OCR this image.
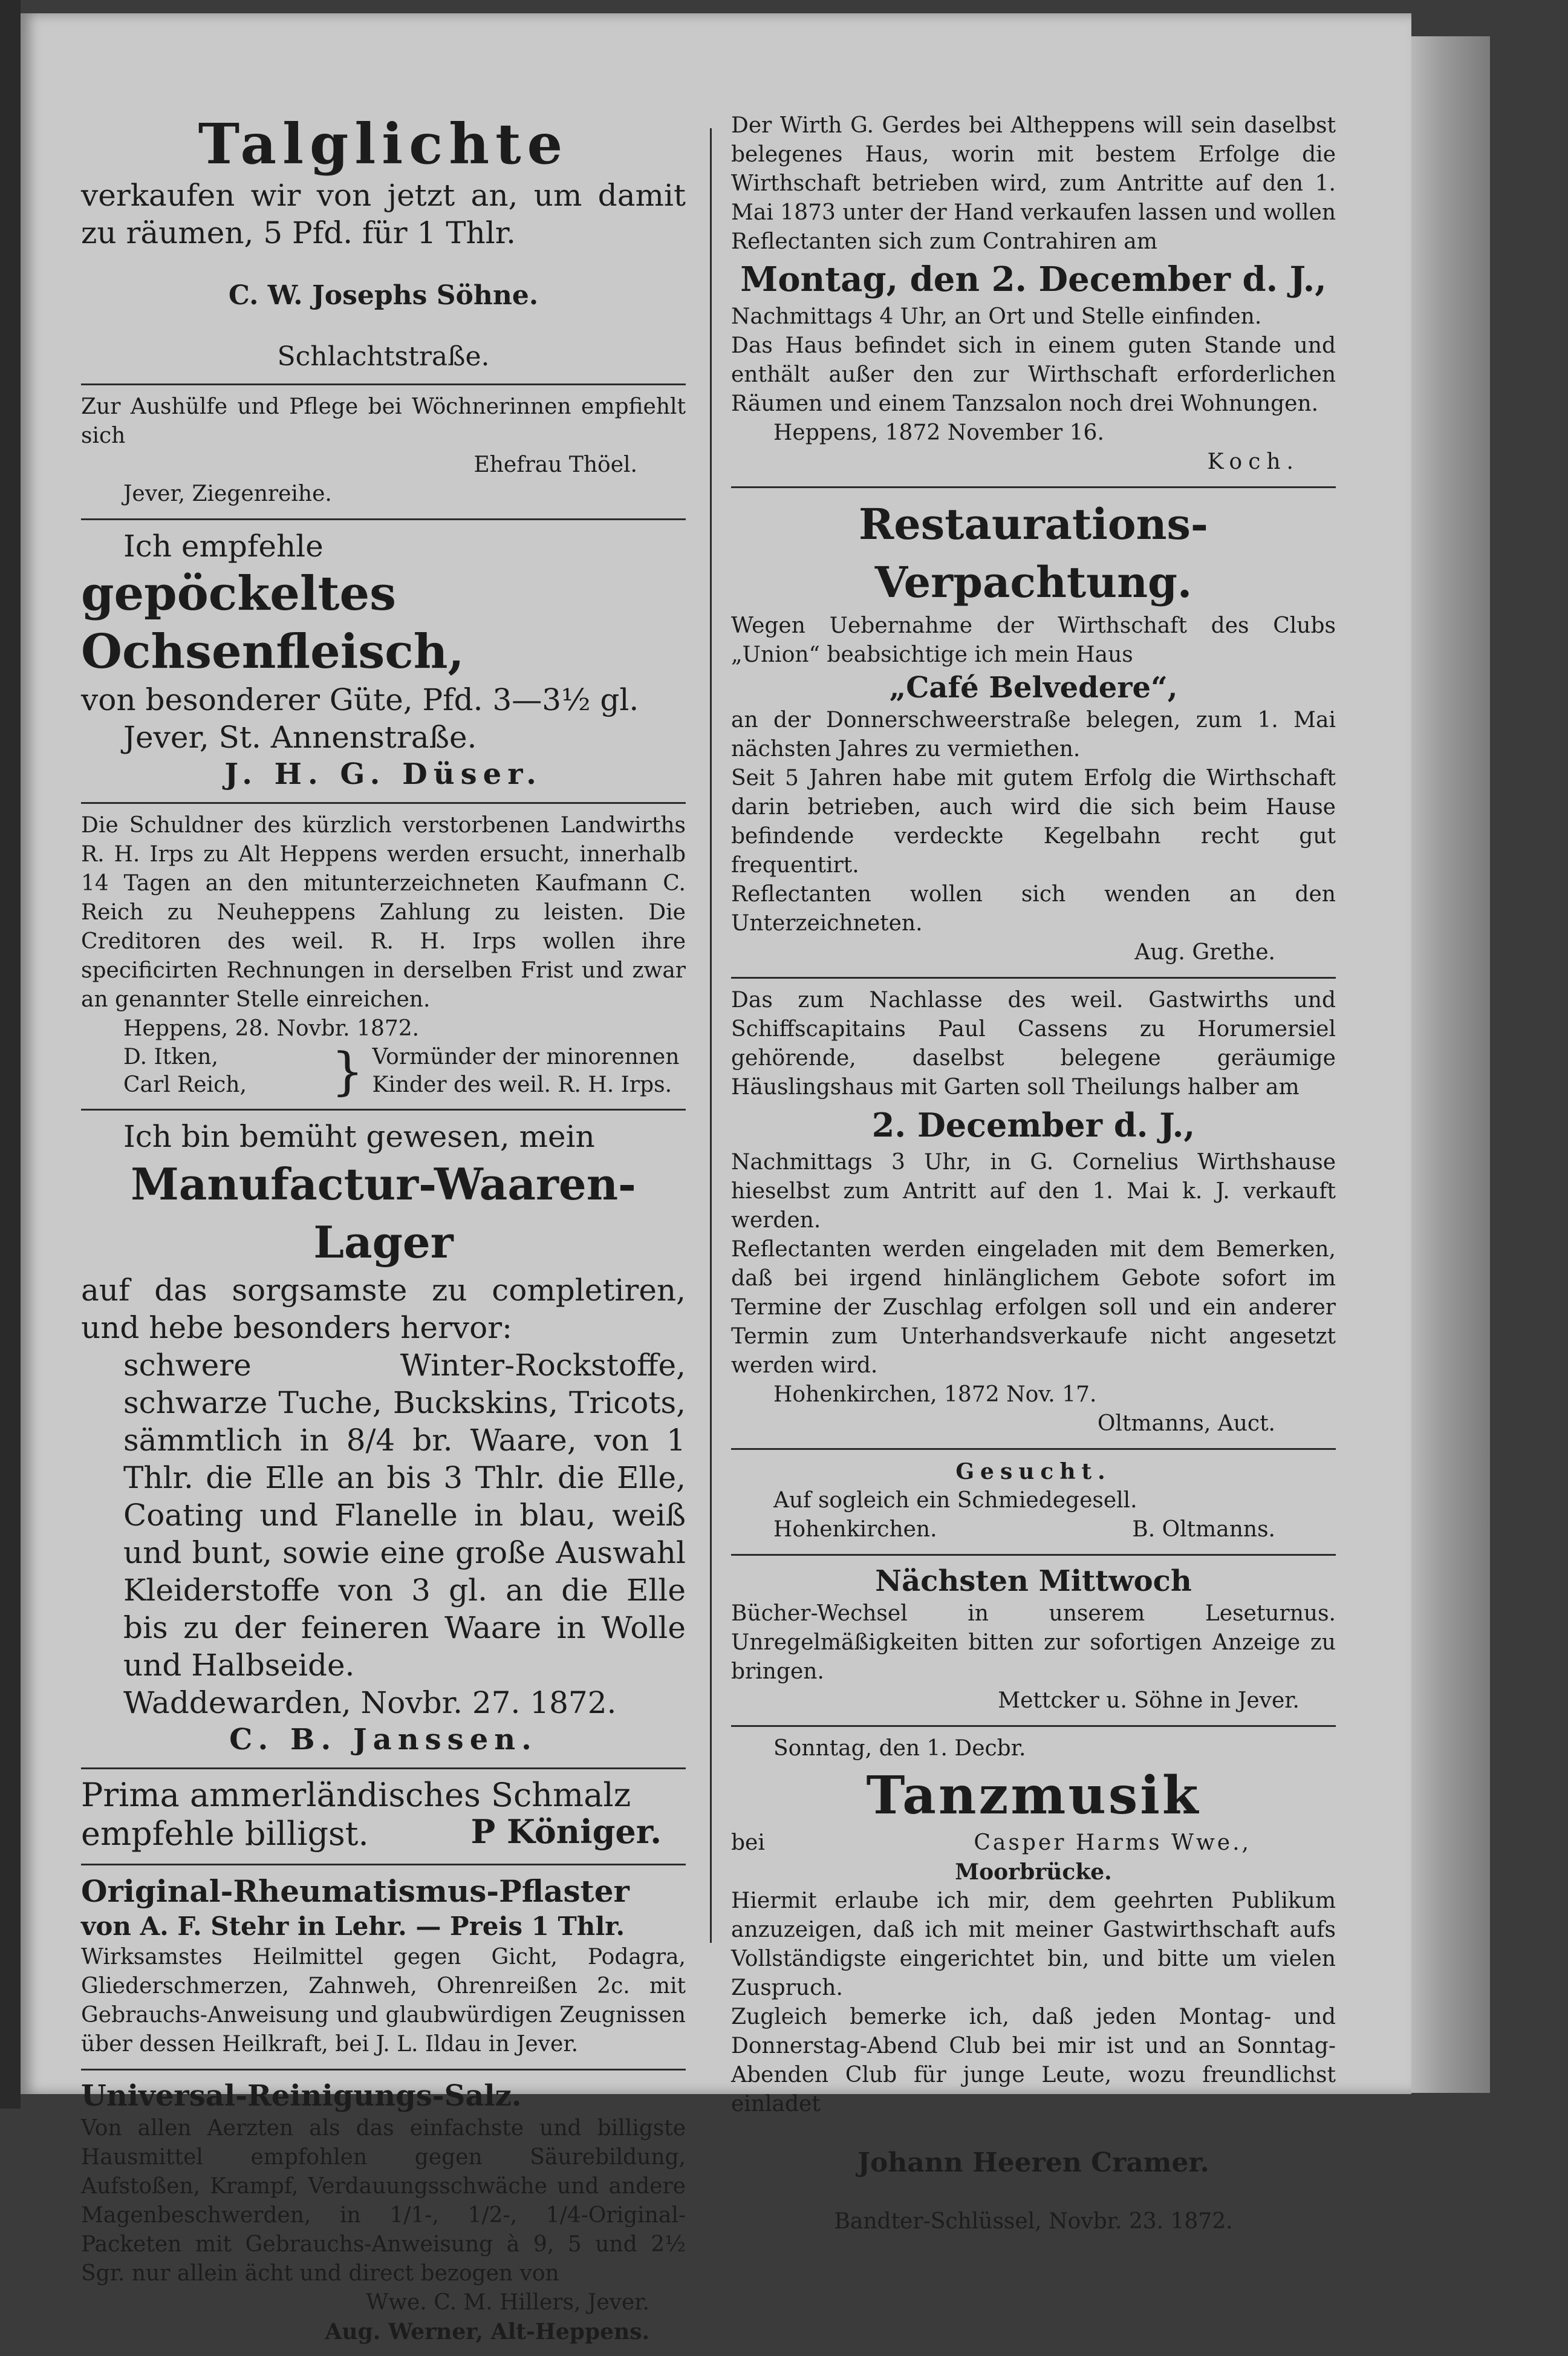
Talglichte

verkaufen wir von jetzt an, um damit zu räumen, 5 Pfd. für 1 Thlr.

C. W. Josephs Söhne.

Schlachtstraße.

Zur Aushülfe und Pflege bei Wöchnerinnen empfiehlt sich

Ehefrau Thöel.

Jever, Ziegenreihe.

Ich empfehle

gepöckeltes Ochsenfleisch,

von besonderer Güte, Pfd. 3—3½ gl.

Jever, St. Annenstraße.

J. H. G. Düser.

Die Schuldner des kürzlich verstorbenen Landwirths R. H. Irps zu Alt Heppens werden ersucht, innerhalb 14 Tagen an den mitunterzeichneten Kaufmann C. Reich zu Neuheppens Zahlung zu leisten. Die Creditoren des weil. R. H. Irps wollen ihre specificirten Rechnungen in derselben Frist und zwar an genannter Stelle einreichen.

Heppens, 28. Novbr. 1872.

D. Itken,
Carl Reich,	} Vormünder der minorennen
Kinder des weil. R. H. Irps.

Ich bin bemüht gewesen, mein

Manufactur-Waaren-Lager

auf das sorgsamste zu completiren, und hebe besonders hervor:

schwere Winter-Rockstoffe, schwarze Tuche, Buckskins, Tricots, sämmtlich in 8/4 br. Waare, von 1 Thlr. die Elle an bis 3 Thlr. die Elle, Coating und Flanelle in blau, weiß und bunt, sowie eine große Auswahl Kleiderstoffe von 3 gl. an die Elle bis zu der feineren Waare in Wolle und Halbseide.

Waddewarden, Novbr. 27. 1872.

C. B. Janssen.

Prima ammerländisches Schmalz

empfehle billigst.	P Königer.

Original-Rheumatismus-Pflaster

von A. F. Stehr in Lehr. — Preis 1 Thlr.

Wirksamstes Heilmittel gegen Gicht, Podagra, Gliederschmerzen, Zahnweh, Ohrenreißen 2c. mit Gebrauchs-Anweisung und glaubwürdigen Zeugnissen über dessen Heilkraft, bei J. L. Ildau in Jever.

Universal-Reinigungs-Salz.

Von allen Aerzten als das einfachste und billigste Hausmittel empfohlen gegen Säurebildung, Aufstoßen, Krampf, Verdauungsschwäche und andere Magenbeschwerden, in 1/1-, 1/2-, 1/4-Original-Packeten mit Gebrauchs-Anweisung à 9, 5 und 2½ Sgr. nur allein ächt und direct bezogen von

Wwe. C. M. Hillers, Jever.

Aug. Werner, Alt-Heppens.

Der Wirth G. Gerdes bei Altheppens will sein daselbst belegenes Haus, worin mit bestem Erfolge die Wirthschaft betrieben wird, zum Antritte auf den 1. Mai 1873 unter der Hand verkaufen lassen und wollen Reflectanten sich zum Contrahiren am

Montag, den 2. December d. J.,

Nachmittags 4 Uhr, an Ort und Stelle einfinden.

Das Haus befindet sich in einem guten Stande und enthält außer den zur Wirthschaft erforderlichen Räumen und einem Tanzsalon noch drei Wohnungen.

Heppens, 1872 November 16.

Koch.

Restaurations-Verpachtung.

Wegen Uebernahme der Wirthschaft des Clubs „Union“ beabsichtige ich mein Haus

„Café Belvedere“,

an der Donnerschweerstraße belegen, zum 1. Mai nächsten Jahres zu vermiethen.

Seit 5 Jahren habe mit gutem Erfolg die Wirthschaft darin betrieben, auch wird die sich beim Hause befindende verdeckte Kegelbahn recht gut frequentirt.

Reflectanten wollen sich wenden an den Unterzeichneten.

Aug. Grethe.

Das zum Nachlasse des weil. Gastwirths und Schiffscapitains Paul Cassens zu Horumersiel gehörende, daselbst belegene geräumige Häuslingshaus mit Garten soll Theilungs halber am

2. December d. J.,

Nachmittags 3 Uhr, in G. Cornelius Wirthshause hieselbst zum Antritt auf den 1. Mai k. J. verkauft werden.

Reflectanten werden eingeladen mit dem Bemerken, daß bei irgend hinlänglichem Gebote sofort im Termine der Zuschlag erfolgen soll und ein anderer Termin zum Unterhandsverkaufe nicht angesetzt werden wird.

Hohenkirchen, 1872 Nov. 17.

Oltmanns, Auct.

Gesucht.

Auf sogleich ein Schmiedegesell.

Hohenkirchen.	B. Oltmanns.

Nächsten Mittwoch

Bücher-Wechsel in unserem Leseturnus. Unregelmäßigkeiten bitten zur sofortigen Anzeige zu bringen.

Mettcker u. Söhne in Jever.

Sonntag, den 1. Decbr.

Tanzmusik

bei	Casper Harms Wwe.,

Moorbrücke.

Hiermit erlaube ich mir, dem geehrten Publikum anzuzeigen, daß ich mit meiner Gastwirthschaft aufs Vollständigste eingerichtet bin, und bitte um vielen Zuspruch.

Zugleich bemerke ich, daß jeden Montag- und Donnerstag-Abend Club bei mir ist und an Sonntag-Abenden Club für junge Leute, wozu freundlichst einladet

Johann Heeren Cramer.

Bandter-Schlüssel, Novbr. 23. 1872.
